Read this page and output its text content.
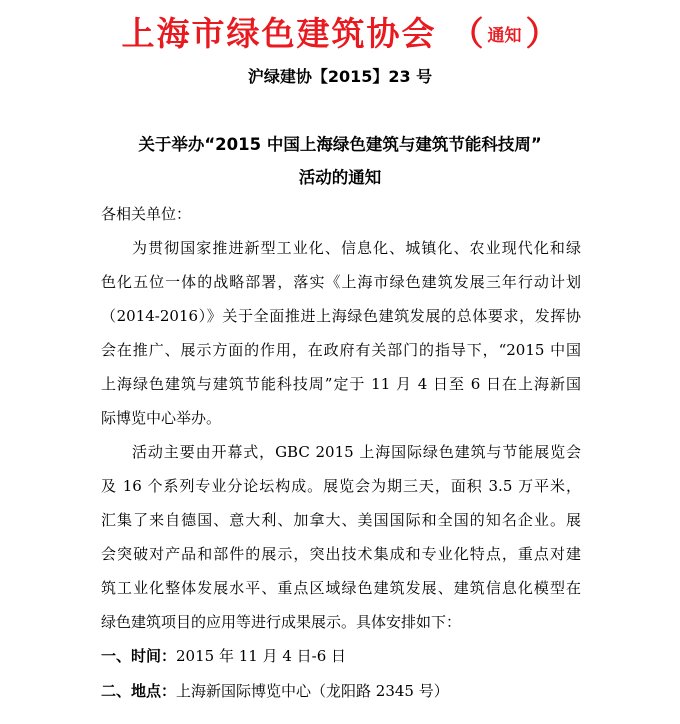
上海市绿色建筑协会 （ 通知 ）
沪绿建协【2015】23 号
关于举办“2015 中国上海绿色建筑与建筑节能科技周”
活动的通知
各相关单位：
为贯彻国家推进新型工业化、信息化、城镇化、农业现代化和绿
色化五位一体的战略部署，落实《上海市绿色建筑发展三年行动计划
（2014-2016）》关于全面推进上海绿色建筑发展的总体要求，发挥协
会在推广、展示方面的作用，在政府有关部门的指导下，“2015 中国
上海绿色建筑与建筑节能科技周”定于 11 月 4 日至 6 日在上海新国
际博览中心举办。
活动主要由开幕式，GBC 2015 上海国际绿色建筑与节能展览会
及 16 个系列专业分论坛构成。展览会为期三天，面积 3.5 万平米，
汇集了来自德国、意大利、加拿大、美国国际和全国的知名企业。展
会突破对产品和部件的展示，突出技术集成和专业化特点，重点对建
筑工业化整体发展水平、重点区域绿色建筑发展、建筑信息化模型在
绿色建筑项目的应用等进行成果展示。具体安排如下：
一、时间：2015 年 11 月 4 日-6 日
二、地点：上海新国际博览中心（龙阳路 2345 号）
